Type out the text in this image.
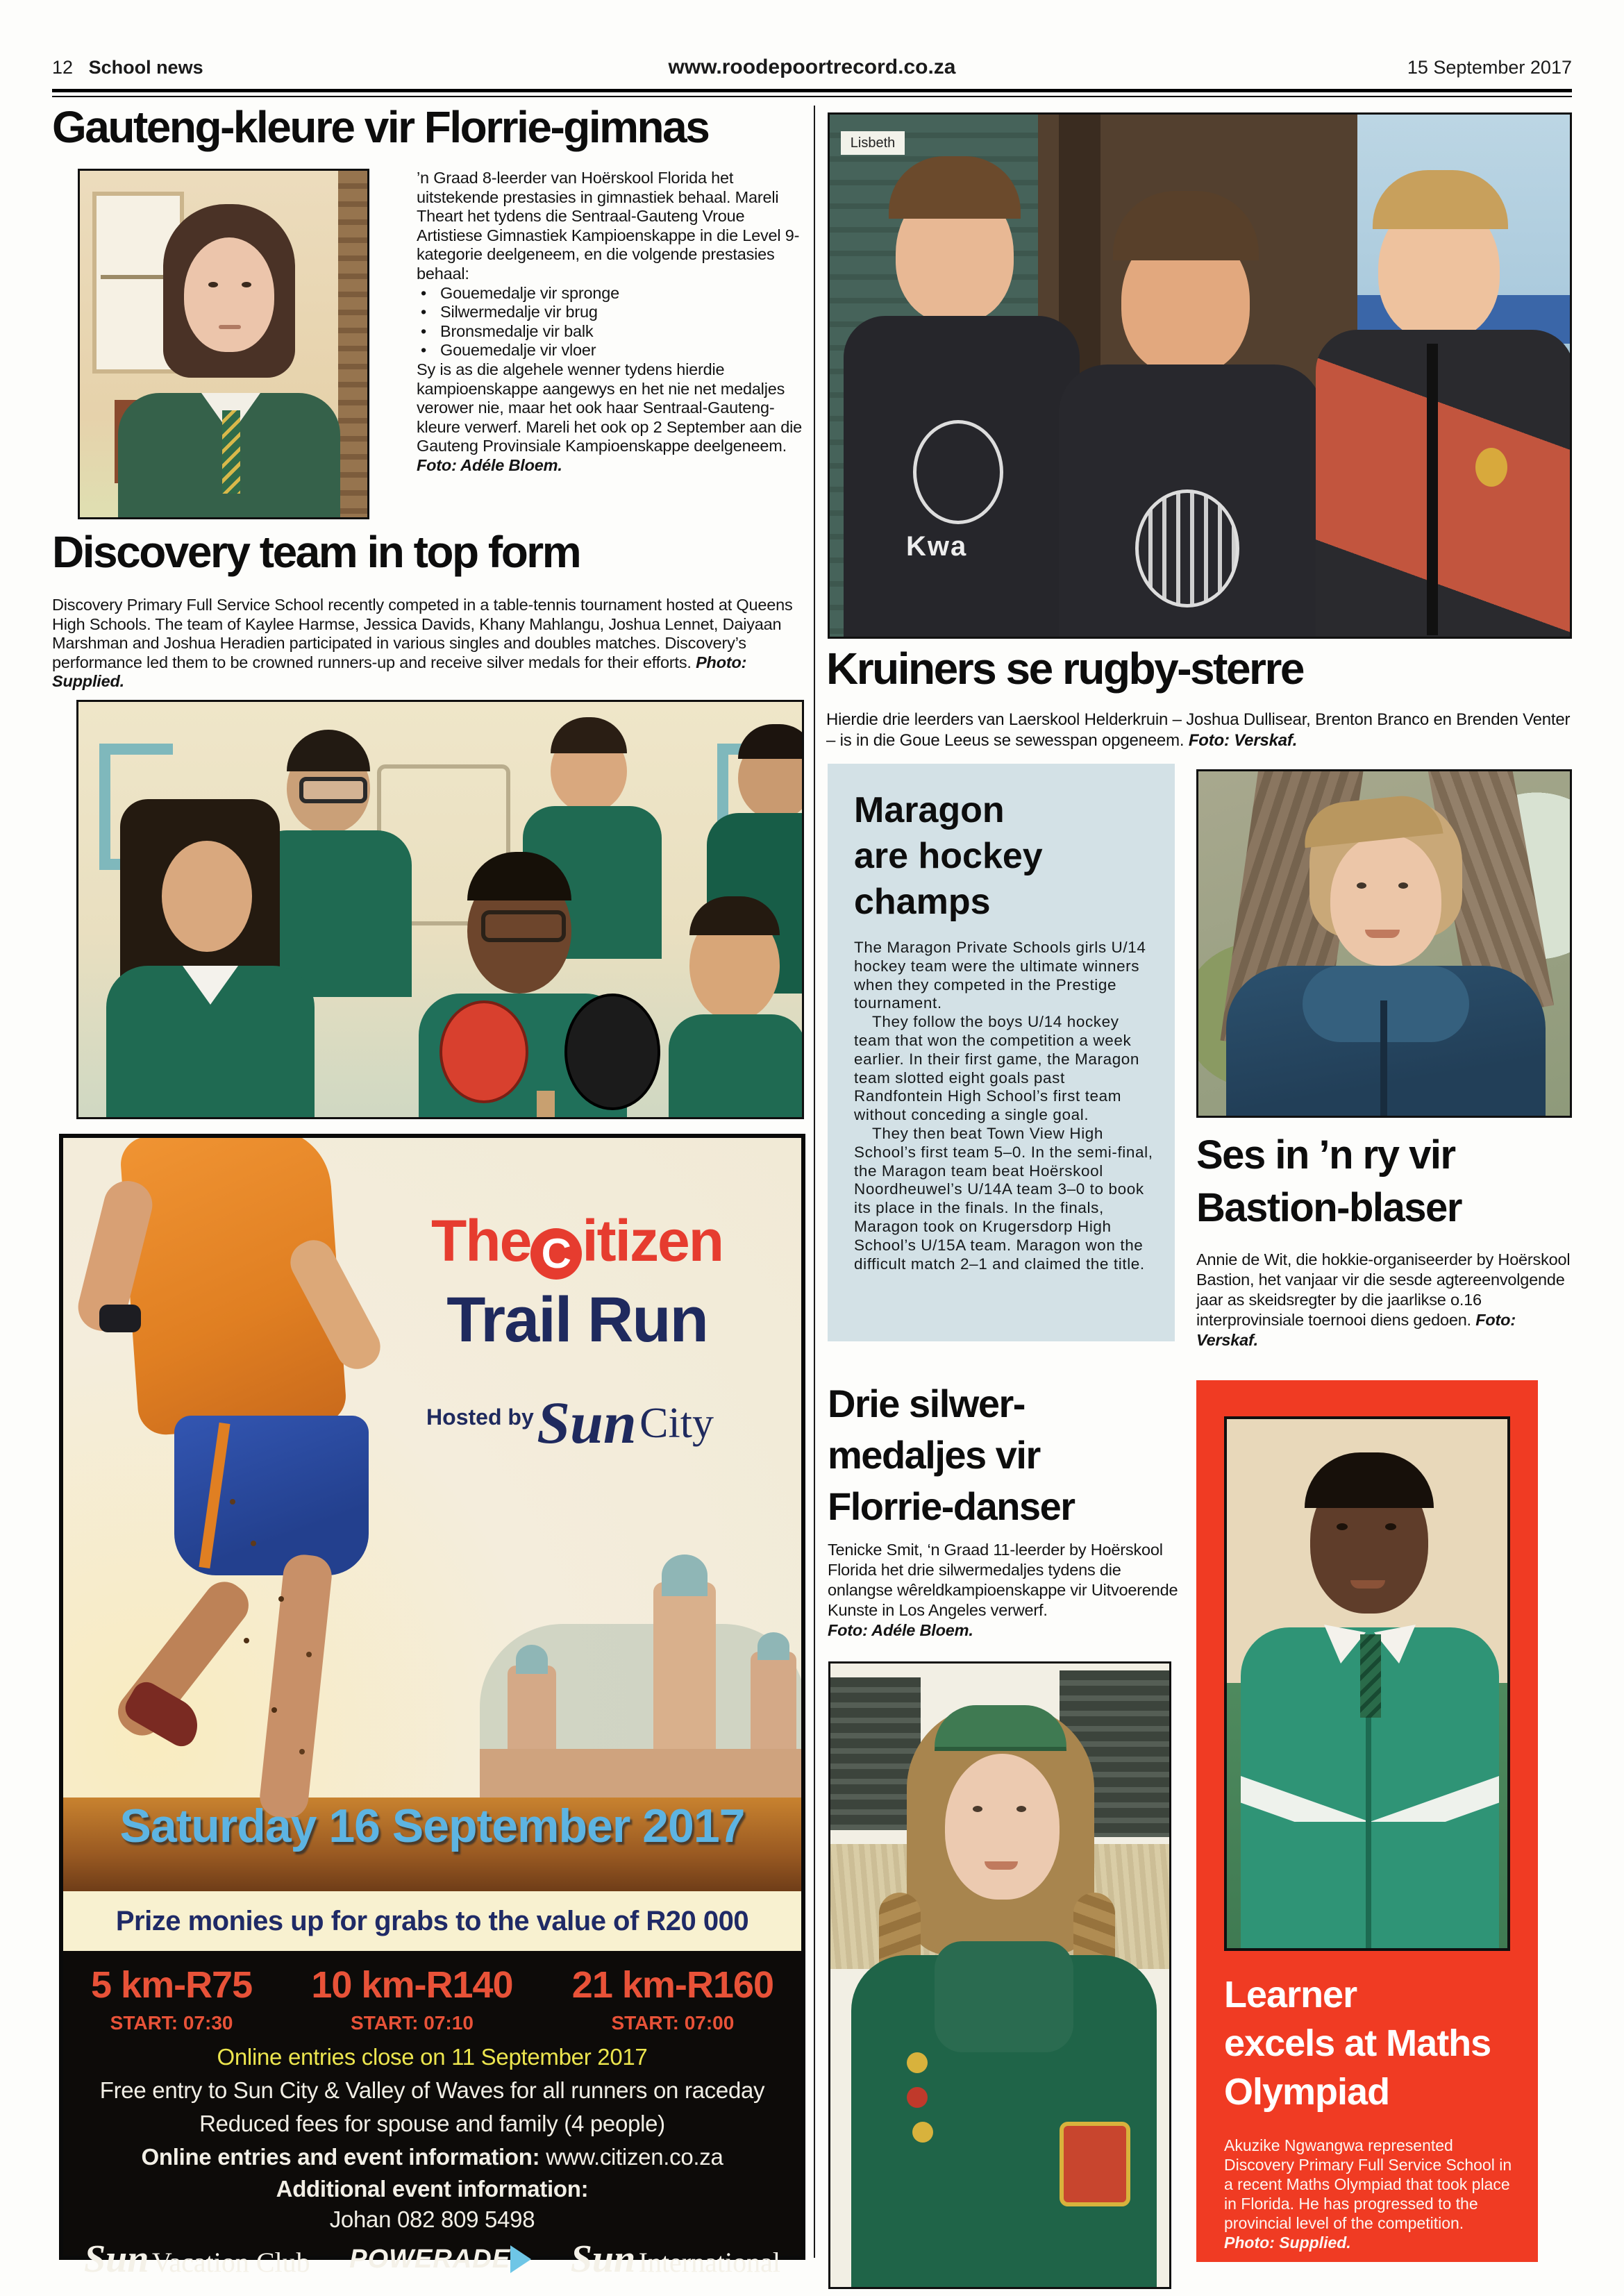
12 School news	www.roodepoortrecord.co.za	15 September 2017
Gauteng-kleure vir Florrie-gimnas
’n Graad 8-leerder van Hoërskool Florida het uitstekende prestasies in gimnastiek behaal. Mareli Theart het tydens die Sentraal-Gauteng Vroue Artistiese Gimnastiek Kampioenskappe in die Level 9-kategorie deelgeneem, en die volgende prestasies behaal:
• Gouemedalje vir spronge
• Silwermedalje vir brug
• Bronsmedalje vir balk
• Gouemedalje vir vloer
Sy is as die algehele wenner tydens hierdie kampioenskappe aangewys en het nie net medaljes verower nie, maar het ook haar Sentraal-Gauteng-kleure verwerf. Mareli het ook op 2 September aan die Gauteng Provinsiale Kampioenskappe deelgeneem.
Foto: Adéle Bloem.
Discovery team in top form
Discovery Primary Full Service School recently competed in a table-tennis tournament hosted at Queens High Schools. The team of Kaylee Harmse, Jessica Davids, Khany Mahlangu, Joshua Lennet, Daiyaan Marshman and Joshua Heradien participated in various singles and doubles matches. Discovery’s performance led them to be crowned runners-up and receive silver medals for their efforts. Photo: Supplied.
The C itizen
Trail Run
Hosted by Sun City
Saturday 16 September 2017
Prize monies up for grabs to the value of R20 000
5 km-R75
START: 07:30
10 km-R140
START: 07:10
21 km-R160
START: 07:00
Online entries close on 11 September 2017
Free entry to Sun City & Valley of Waves for all runners on raceday
Reduced fees for spouse and family (4 people)
Online entries and event information: www.citizen.co.za
Additional event information:
Johan 082 809 5498
Sun Vacation Club POWERADE	Sun International
Lisbeth
Kwa
Kruiners se rugby-sterre
Hierdie drie leerders van Laerskool Helderkruin – Joshua Dullisear, Brenton Branco en Brenden Venter – is in die Goue Leeus se sewesspan opgeneem. Foto: Verskaf.
Maragon
are hockey
champs
The Maragon Private Schools girls U/14 hockey team were the ultimate winners when they competed in the Prestige tournament.
They follow the boys U/14 hockey team that won the competition a week earlier. In their first game, the Maragon team slotted eight goals past Randfontein High School’s first team without conceding a single goal.
They then beat Town View High School’s first team 5–0. In the semi-final, the Maragon team beat Hoërskool Noordheuwel’s U/14A team 3–0 to book its place in the finals. In the finals, Maragon took on Krugersdorp High School’s U/15A team. Maragon won the difficult match 2–1 and claimed the title.
Ses in ’n ry vir
Bastion-blaser
Annie de Wit, die hokkie-organiseerder by Hoërskool Bastion, het vanjaar vir die sesde agtereenvolgende jaar as skeidsregter by die jaarlikse o.16 interprovinsiale toernooi diens gedoen. Foto: Verskaf.
Drie silwer-
medaljes vir
Florrie-danser
Tenicke Smit, ‘n Graad 11-leerder by Hoërskool Florida het drie silwermedaljes tydens die onlangse wêreldkampioenskappe vir Uitvoerende Kunste in Los Angeles verwerf.
Foto: Adéle Bloem.
Learner
excels at Maths
Olympiad
Akuzike Ngwangwa represented Discovery Primary Full Service School in a recent Maths Olympiad that took place in Florida. He has progressed to the provincial level of the competition.
Photo: Supplied.
